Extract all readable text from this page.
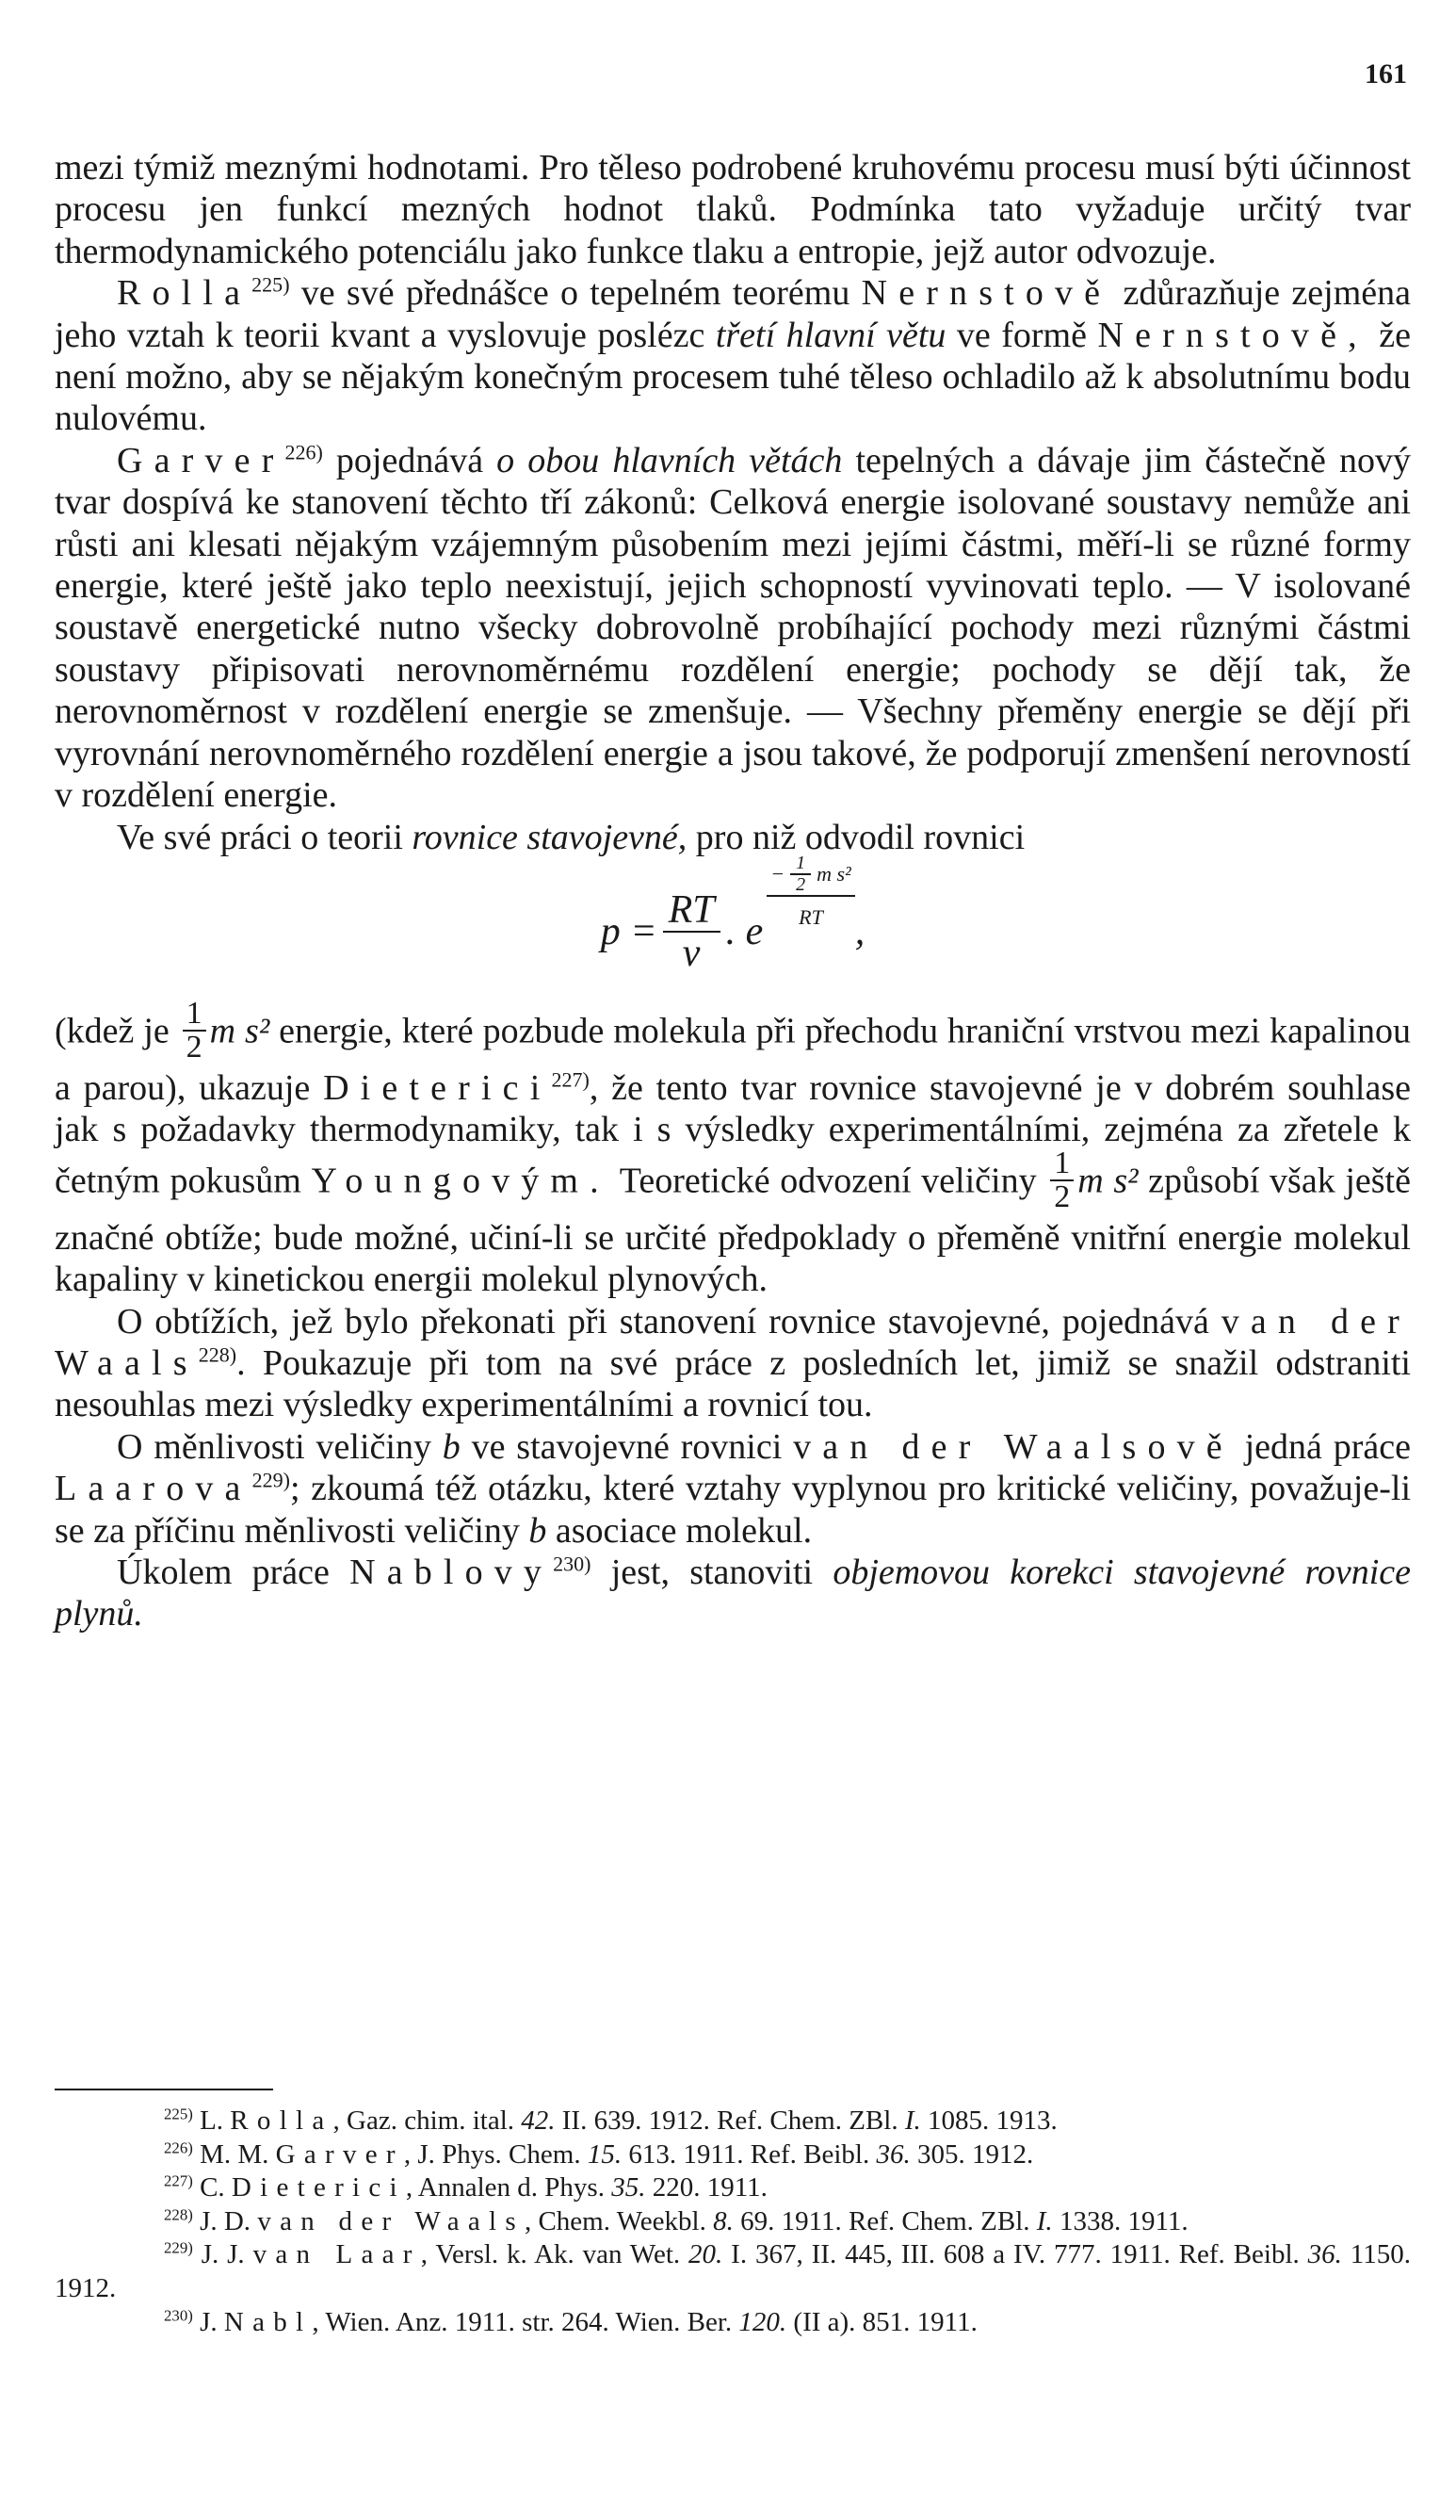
161

mezi týmiž meznými hodnotami. Pro těleso podrobené kruhovému procesu musí býti účinnost procesu jen funkcí mezných hodnot tlaků. Podmínka tato vyžaduje určitý tvar thermodynamického potenciálu jako funkce tlaku a entropie, jejž autor odvozuje.

Rolla$^{225)}$ ve své přednášce o tepelném teorému Nernstově zdůrazňuje zejména jeho vztah k teorii kvant a vyslovuje poslézc třetí hlavní větu ve formě Nernstově, že není možno, aby se nějakým konečným procesem tuhé těleso ochladilo až k absolutnímu bodu nulovému.

Garver$^{226)}$ pojednává o obou hlavních větách tepelných a dávaje jim částečně nový tvar dospívá ke stanovení těchto tří zákonů: Celková energie isolované soustavy nemůže ani růsti ani klesati nějakým vzájemným působením mezi jejími částmi, měří-li se různé formy energie, které ještě jako teplo neexistují, jejich schopností vyvinovati teplo. — V isolované soustavě energetické nutno všecky dobrovolně probíhající pochody mezi různými částmi soustavy připisovati nerovnoměrnému rozdělení energie; pochody se dějí tak, že nerovnoměrnost v rozdělení energie se zmenšuje. — Všechny přeměny energie se dějí při vyrovnání nerovnoměrného rozdělení energie a jsou takové, že podporují zmenšení nerovností v rozdělení energie.

Ve své práci o teorii rovnice stavojevné, pro niž odvodil rovnici

$p = \frac{RT}{v}$ . e
− $\frac{1}{2}$ m s²
RT ,

(kdež je $\frac{1}{2}$ m s² energie, které pozbude molekula při přechodu hraniční vrstvou mezi kapalinou a parou), ukazuje Dieterici$^{227)}$, že tento tvar rovnice stavojevné je v dobrém souhlase jak s požadavky thermodynamiky, tak i s výsledky experimentálními, zejména za zřetele k četným pokusům Youngovým. Teoretické odvození veličiny $\frac{1}{2}$ m s² způsobí však ještě značné obtíže; bude možné, učiní-li se určité předpoklady o přeměně vnitřní energie molekul kapaliny v kinetickou energii molekul plynových.

O obtížích, jež bylo překonati při stanovení rovnice stavojevné, pojednává van der Waals$^{228)}$. Poukazuje při tom na své práce z posledních let, jimiž se snažil odstraniti nesouhlas mezi výsledky experimentálními a rovnicí tou.

O měnlivosti veličiny b ve stavojevné rovnici van der Waalsově jedná práce Laarova$^{229)}$; zkoumá též otázku, které vztahy vyplynou pro kritické veličiny, považuje-li se za příčinu měnlivosti veličiny b asociace molekul.

Úkolem práce Nablovy$^{230)}$ jest, stanoviti objemovou korekci stavojevné rovnice plynů.

$^{225)}$ L. Rolla, Gaz. chim. ital. 42. II. 639. 1912. Ref. Chem. ZBl. I. 1085. 1913.

$^{226)}$ M. M. Garver, J. Phys. Chem. 15. 613. 1911. Ref. Beibl. 36. 305. 1912.

$^{227)}$ C. Dieterici, Annalen d. Phys. 35. 220. 1911.

$^{228)}$ J. D. van der Waals, Chem. Weekbl. 8. 69. 1911. Ref. Chem. ZBl. I. 1338. 1911.

$^{229)}$ J. J. van Laar, Versl. k. Ak. van Wet. 20. I. 367, II. 445, III. 608 a IV. 777. 1911. Ref. Beibl. 36. 1150. 1912.

$^{230)}$ J. Nabl, Wien. Anz. 1911. str. 264. Wien. Ber. 120. (II a). 851. 1911.
